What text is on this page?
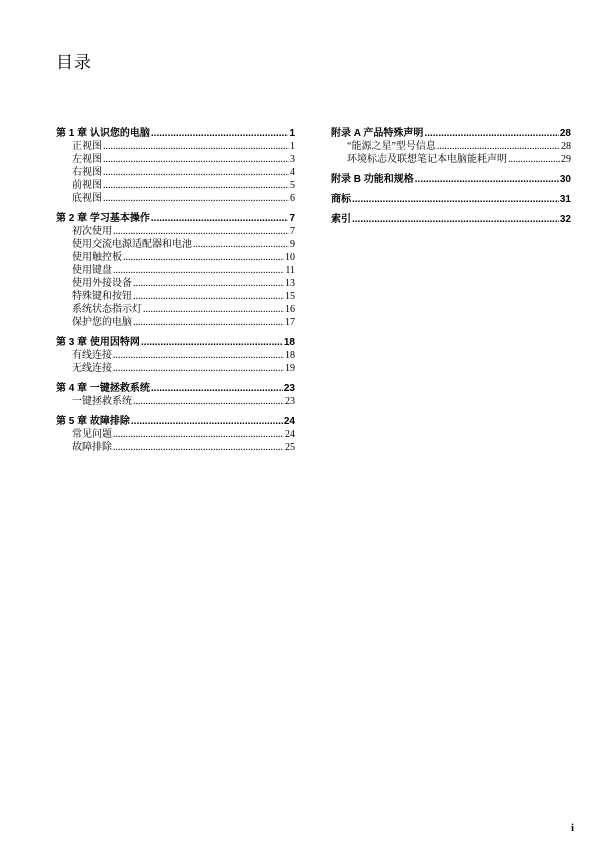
目录
第 1 章 认识您的电脑 .....	1
正视图 .....	1
左视图 .....	3
右视图 .....	4
前视图 .....	5
底视图 .....	6
第 2 章 学习基本操作 .....	7
初次使用 .....	7
使用交流电源适配器和电池 .....	9
使用触控板 .....	10
使用键盘 .....	11
使用外接设备 .....	13
特殊键和按钮 .....	15
系统状态指示灯 .....	16
保护您的电脑 .....	17
第 3 章 使用因特网 .....	18
有线连接 .....	18
无线连接 .....	19
第 4 章 一键拯救系统 .....	23
一键拯救系统 .....	23
第 5 章 故障排除 .....	24
常见问题 .....	24
故障排除 .....	25
附录 A 产品特殊声明 .....	28
“能源之星”型号信息 .....	28
环境标志及联想笔记本电脑能耗声明 .....	29
附录 B 功能和规格 .....	30
商标 .....	31
索引 .....	32
i
